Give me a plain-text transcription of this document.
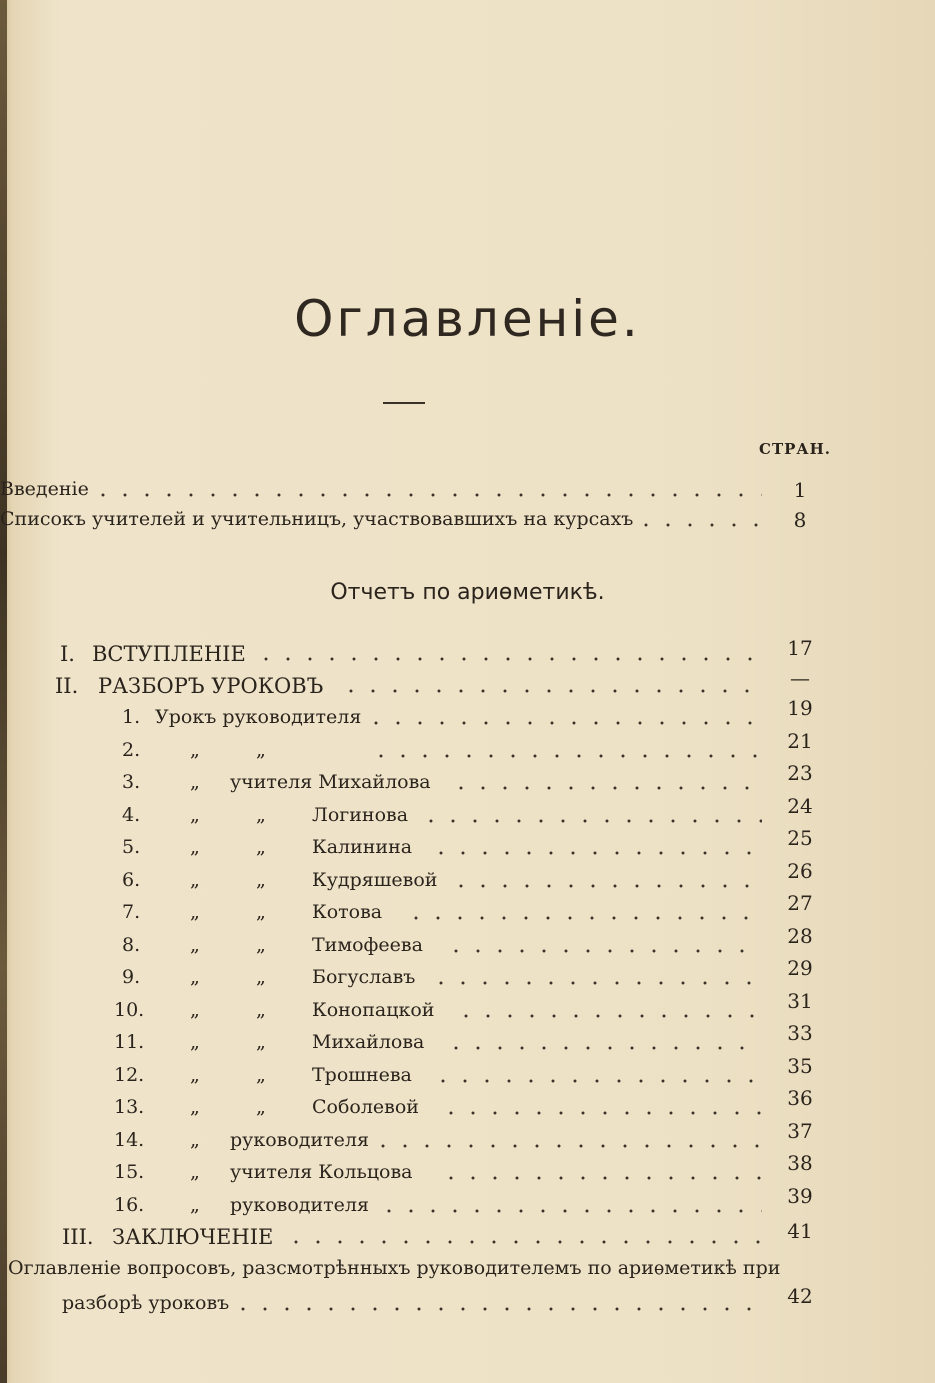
Оглавленіе.
СТРАН.
Введеніе	1
Списокъ учителей и учительницъ, участвовавшихъ на курсахъ	8
Отчетъ по ариѳметикѣ.
I. ВСТУПЛЕНІЕ	17
II. РАЗБОРЪ УРОКОВЪ	—
1. Урокъ руководителя	19
2.	„	„	21
3.	„ учителя Михайлова	23
4.	„	„ Логинова	24
5.	„	„ Калинина	25
6.	„	„ Кудряшевой	26
7.	„	„ Котова	27
8.	„	„ Тимофеева	28
9.	„	„ Богуславъ	29
10. „	„ Конопацкой	31
11. „	„ Михайлова	33
12. „	„ Трошнева	35
13. „	„ Соболевой	36
14. „ руководителя	37
15. „ учителя Кольцова	38
16. „ руководителя	39
III. ЗАКЛЮЧЕНІЕ	41
Оглавленіе вопросовъ, разсмотрѣнныхъ руководителемъ по ариѳметикѣ при
разборѣ уроковъ	42
